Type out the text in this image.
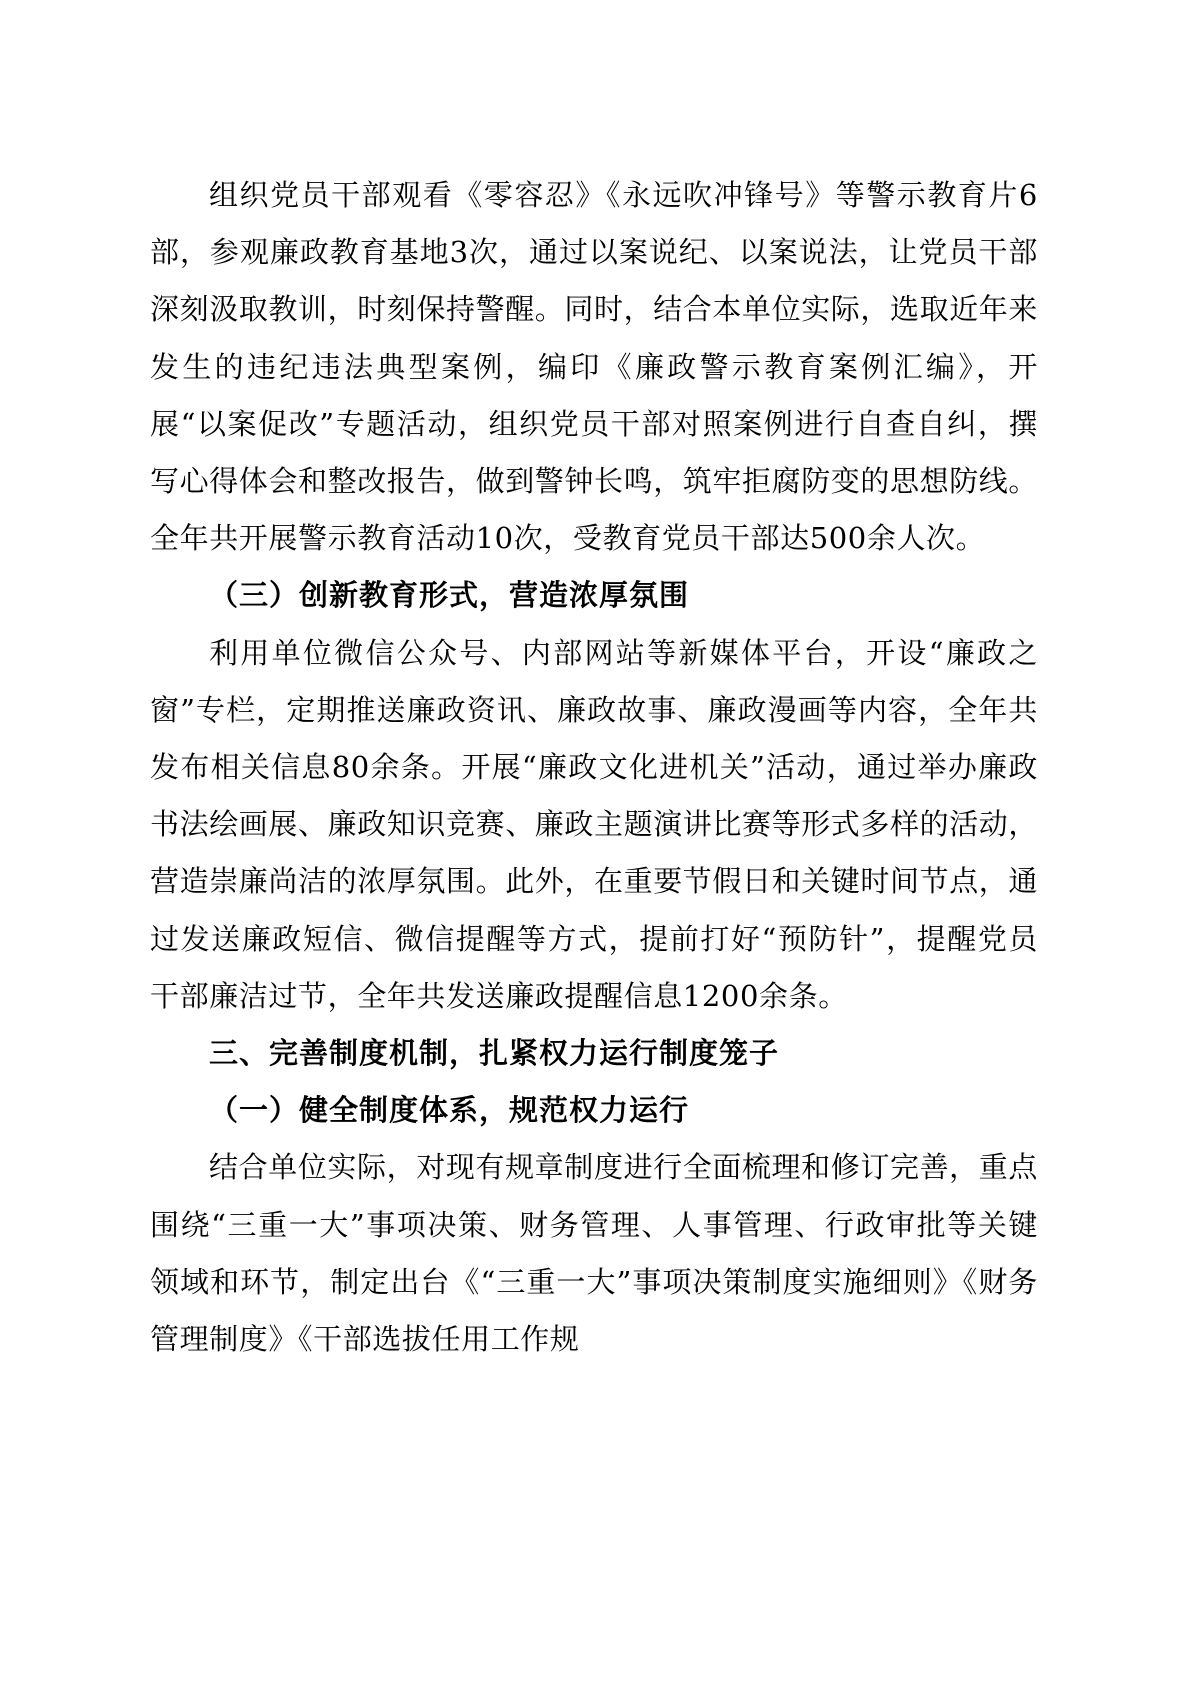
组织党员干部观看《零容忍》《永远吹冲锋号》等警示教育片6部，参观廉政教育基地3次，通过以案说纪、以案说法，让党员干部深刻汲取教训，时刻保持警醒。同时，结合本单位实际，选取近年来发生的违纪违法典型案例，编印《廉政警示教育案例汇编》，开展“以案促改”专题活动，组织党员干部对照案例进行自查自纠，撰写心得体会和整改报告，做到警钟长鸣，筑牢拒腐防变的思想防线。全年共开展警示教育活动10次，受教育党员干部达500余人次。

（三）创新教育形式，营造浓厚氛围

利用单位微信公众号、内部网站等新媒体平台，开设“廉政之窗”专栏，定期推送廉政资讯、廉政故事、廉政漫画等内容，全年共发布相关信息80余条。开展“廉政文化进机关”活动，通过举办廉政书法绘画展、廉政知识竞赛、廉政主题演讲比赛等形式多样的活动，营造崇廉尚洁的浓厚氛围。此外，在重要节假日和关键时间节点，通过发送廉政短信、微信提醒等方式，提前打好“预防针”，提醒党员干部廉洁过节，全年共发送廉政提醒信息1200余条。

三、完善制度机制，扎紧权力运行制度笼子

（一）健全制度体系，规范权力运行

结合单位实际，对现有规章制度进行全面梳理和修订完善，重点围绕“三重一大”事项决策、财务管理、人事管理、行政审批等关键领域和环节，制定出台《“三重一大”事项决策制度实施细则》《财务管理制度》《干部选拔任用工作规
